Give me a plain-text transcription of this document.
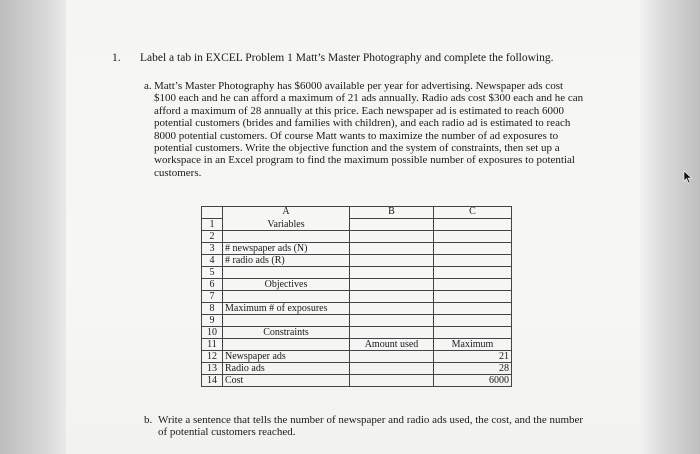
1. Label a tab in EXCEL Problem 1 Matt’s Master Photography and complete the following.
a. Matt’s Master Photography has $6000 available per year for advertising. Newspaper ads cost $100 each and he can afford a maximum of 21 ads annually. Radio ads cost $300 each and he can afford a maximum of 28 annually at this price. Each newspaper ad is estimated to reach 6000 potential customers (brides and families with children), and each radio ad is estimated to reach 8000 potential customers. Of course Matt wants to maximize the number of ad exposures to potential customers. Write the objective function and the system of constraints, then set up a workspace in an Excel program to find the maximum possible number of exposures to potential customers.

	A	B	C
1	Variables		
2			
3	# newspaper ads (N)		
4	# radio ads (R)		
5			
6	Objectives		
7			
8	Maximum # of exposures		
9			
10	Constraints		
11		Amount used	Maximum
12	Newspaper ads		21
13	Radio ads		28
14	Cost		6000
b. Write a sentence that tells the number of newspaper and radio ads used, the cost, and the number of potential customers reached.
